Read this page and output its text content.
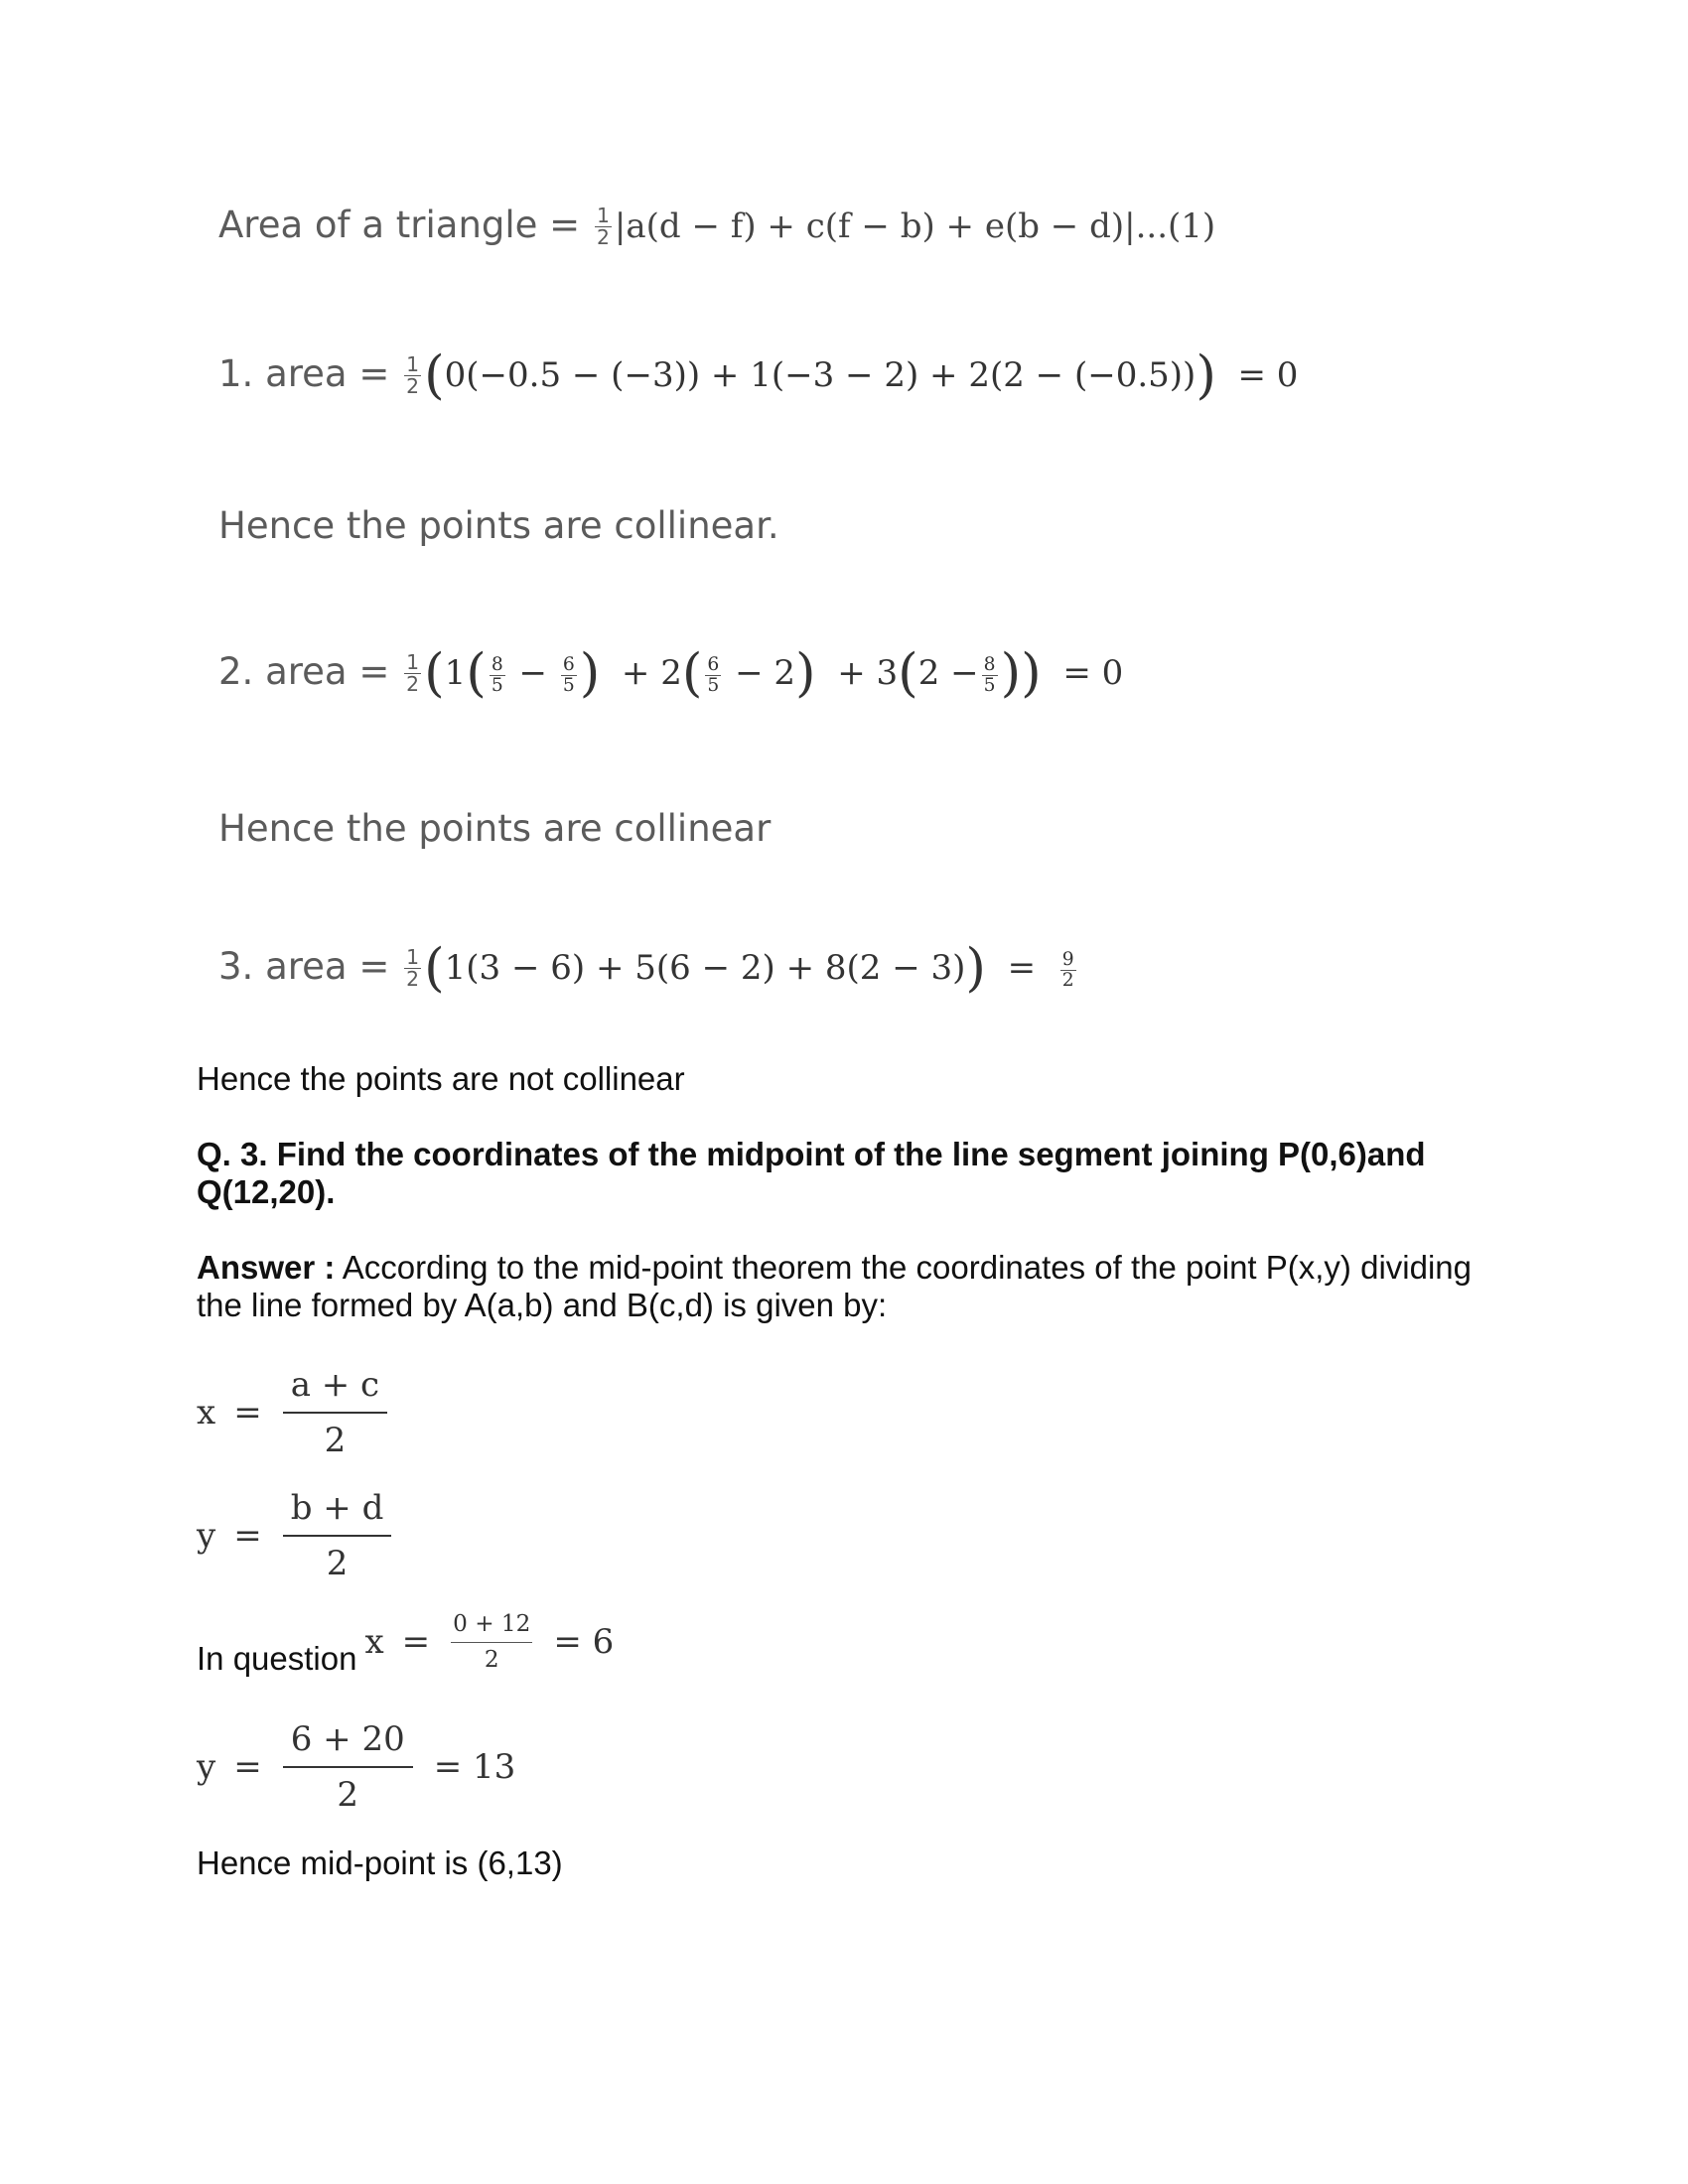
Area of a triangle = $\frac{1}{2} |a(d - f) + c(f - b) + e(b - d)|...(1)$
1. area = $\frac{1}{2} (0(-0.5 - (-3)) + 1(-3 - 2) + 2(2 - (-0.5))) = 0$
Hence the points are collinear.
2. area = $\frac{1}{2} (1( \frac{8}{5} - \frac{6}{5}$ ) + $2( \frac{6}{5} - 2) + 3(2 - \frac{8}{5}$ )) = 0
Hence the points are collinear
3. area = $\frac{1}{2} (1(3 - 6) + 5(6 - 2) + 8(2 - 3)) = \frac{9}{2}$
Hence the points are not collinear
Q. 3. Find the coordinates of the midpoint of the line segment joining P(0,6)and Q(12,20).
Answer : According to the mid-point theorem the coordinates of the point P(x,y) dividing the line formed by A(a,b) and B(c,d) is given by:
$x = \frac{a + c}{2}$
$y = \frac{b + d}{2}$
In question $x = \frac{0 + 12}{2} = 6$
$y = \frac{6 + 20}{2} = 13$
Hence mid-point is (6,13)
